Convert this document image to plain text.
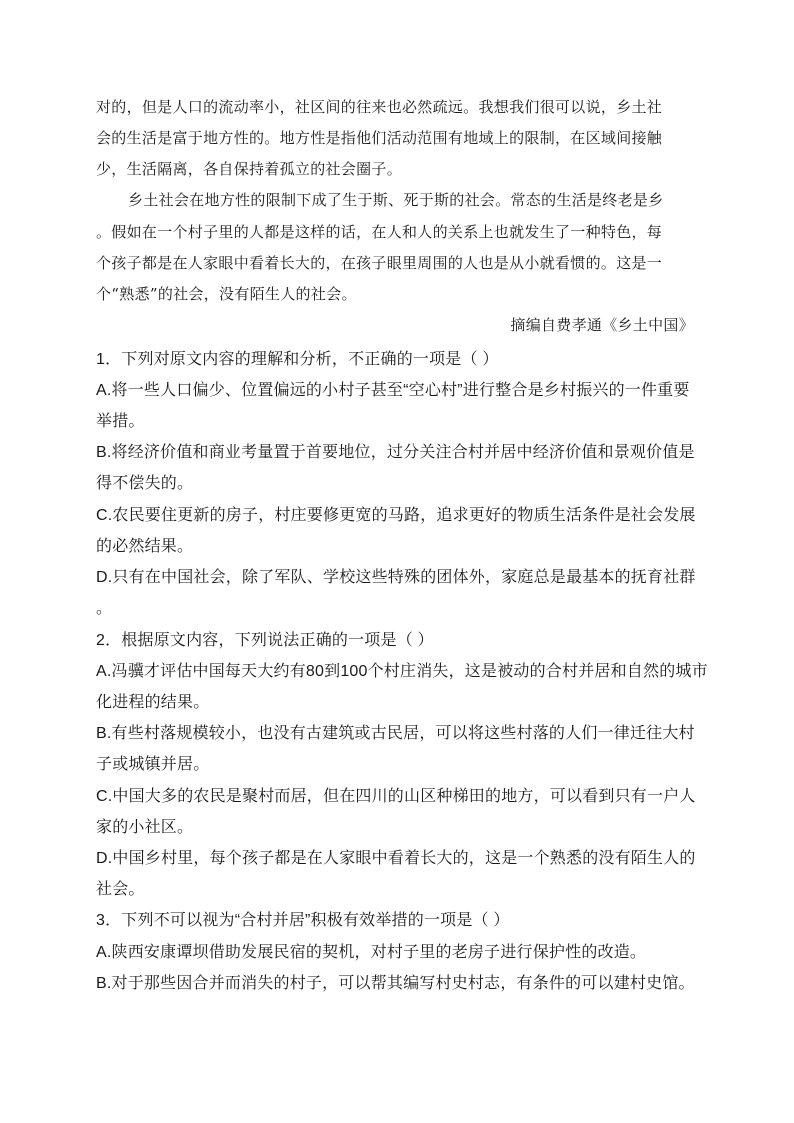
对的，但是人口的流动率小，社区间的往来也必然疏远。我想我们很可以说，乡土社
会的生活是富于地方性的。地方性是指他们活动范围有地域上的限制，在区域间接触
少，生活隔离，各自保持着孤立的社会圈子。
乡土社会在地方性的限制下成了生于斯、死于斯的社会。常态的生活是终老是乡
。假如在一个村子里的人都是这样的话，在人和人的关系上也就发生了一种特色，每
个孩子都是在人家眼中看着长大的，在孩子眼里周围的人也是从小就看惯的。这是一
个“熟悉”的社会，没有陌生人的社会。
摘编自费孝通《乡土中国》
1．下列对原文内容的理解和分析，不正确的一项是（ ）
A.将一些人口偏少、位置偏远的小村子甚至“空心村”进行整合是乡村振兴的一件重要
举措。
B.将经济价值和商业考量置于首要地位，过分关注合村并居中经济价值和景观价值是
得不偿失的。
C.农民要住更新的房子，村庄要修更宽的马路，追求更好的物质生活条件是社会发展
的必然结果。
D.只有在中国社会，除了军队、学校这些特殊的团体外，家庭总是最基本的抚育社群
。
2．根据原文内容，下列说法正确的一项是（ ）
A.冯骥才评估中国每天大约有80到100个村庄消失，这是被动的合村并居和自然的城市
化进程的结果。
B.有些村落规模较小，也没有古建筑或古民居，可以将这些村落的人们一律迁往大村
子或城镇并居。
C.中国大多的农民是聚村而居，但在四川的山区种梯田的地方，可以看到只有一户人
家的小社区。
D.中国乡村里，每个孩子都是在人家眼中看着长大的，这是一个熟悉的没有陌生人的
社会。
3．下列不可以视为“合村并居”积极有效举措的一项是（ ）
A.陕西安康谭坝借助发展民宿的契机，对村子里的老房子进行保护性的改造。
B.对于那些因合并而消失的村子，可以帮其编写村史村志，有条件的可以建村史馆。
